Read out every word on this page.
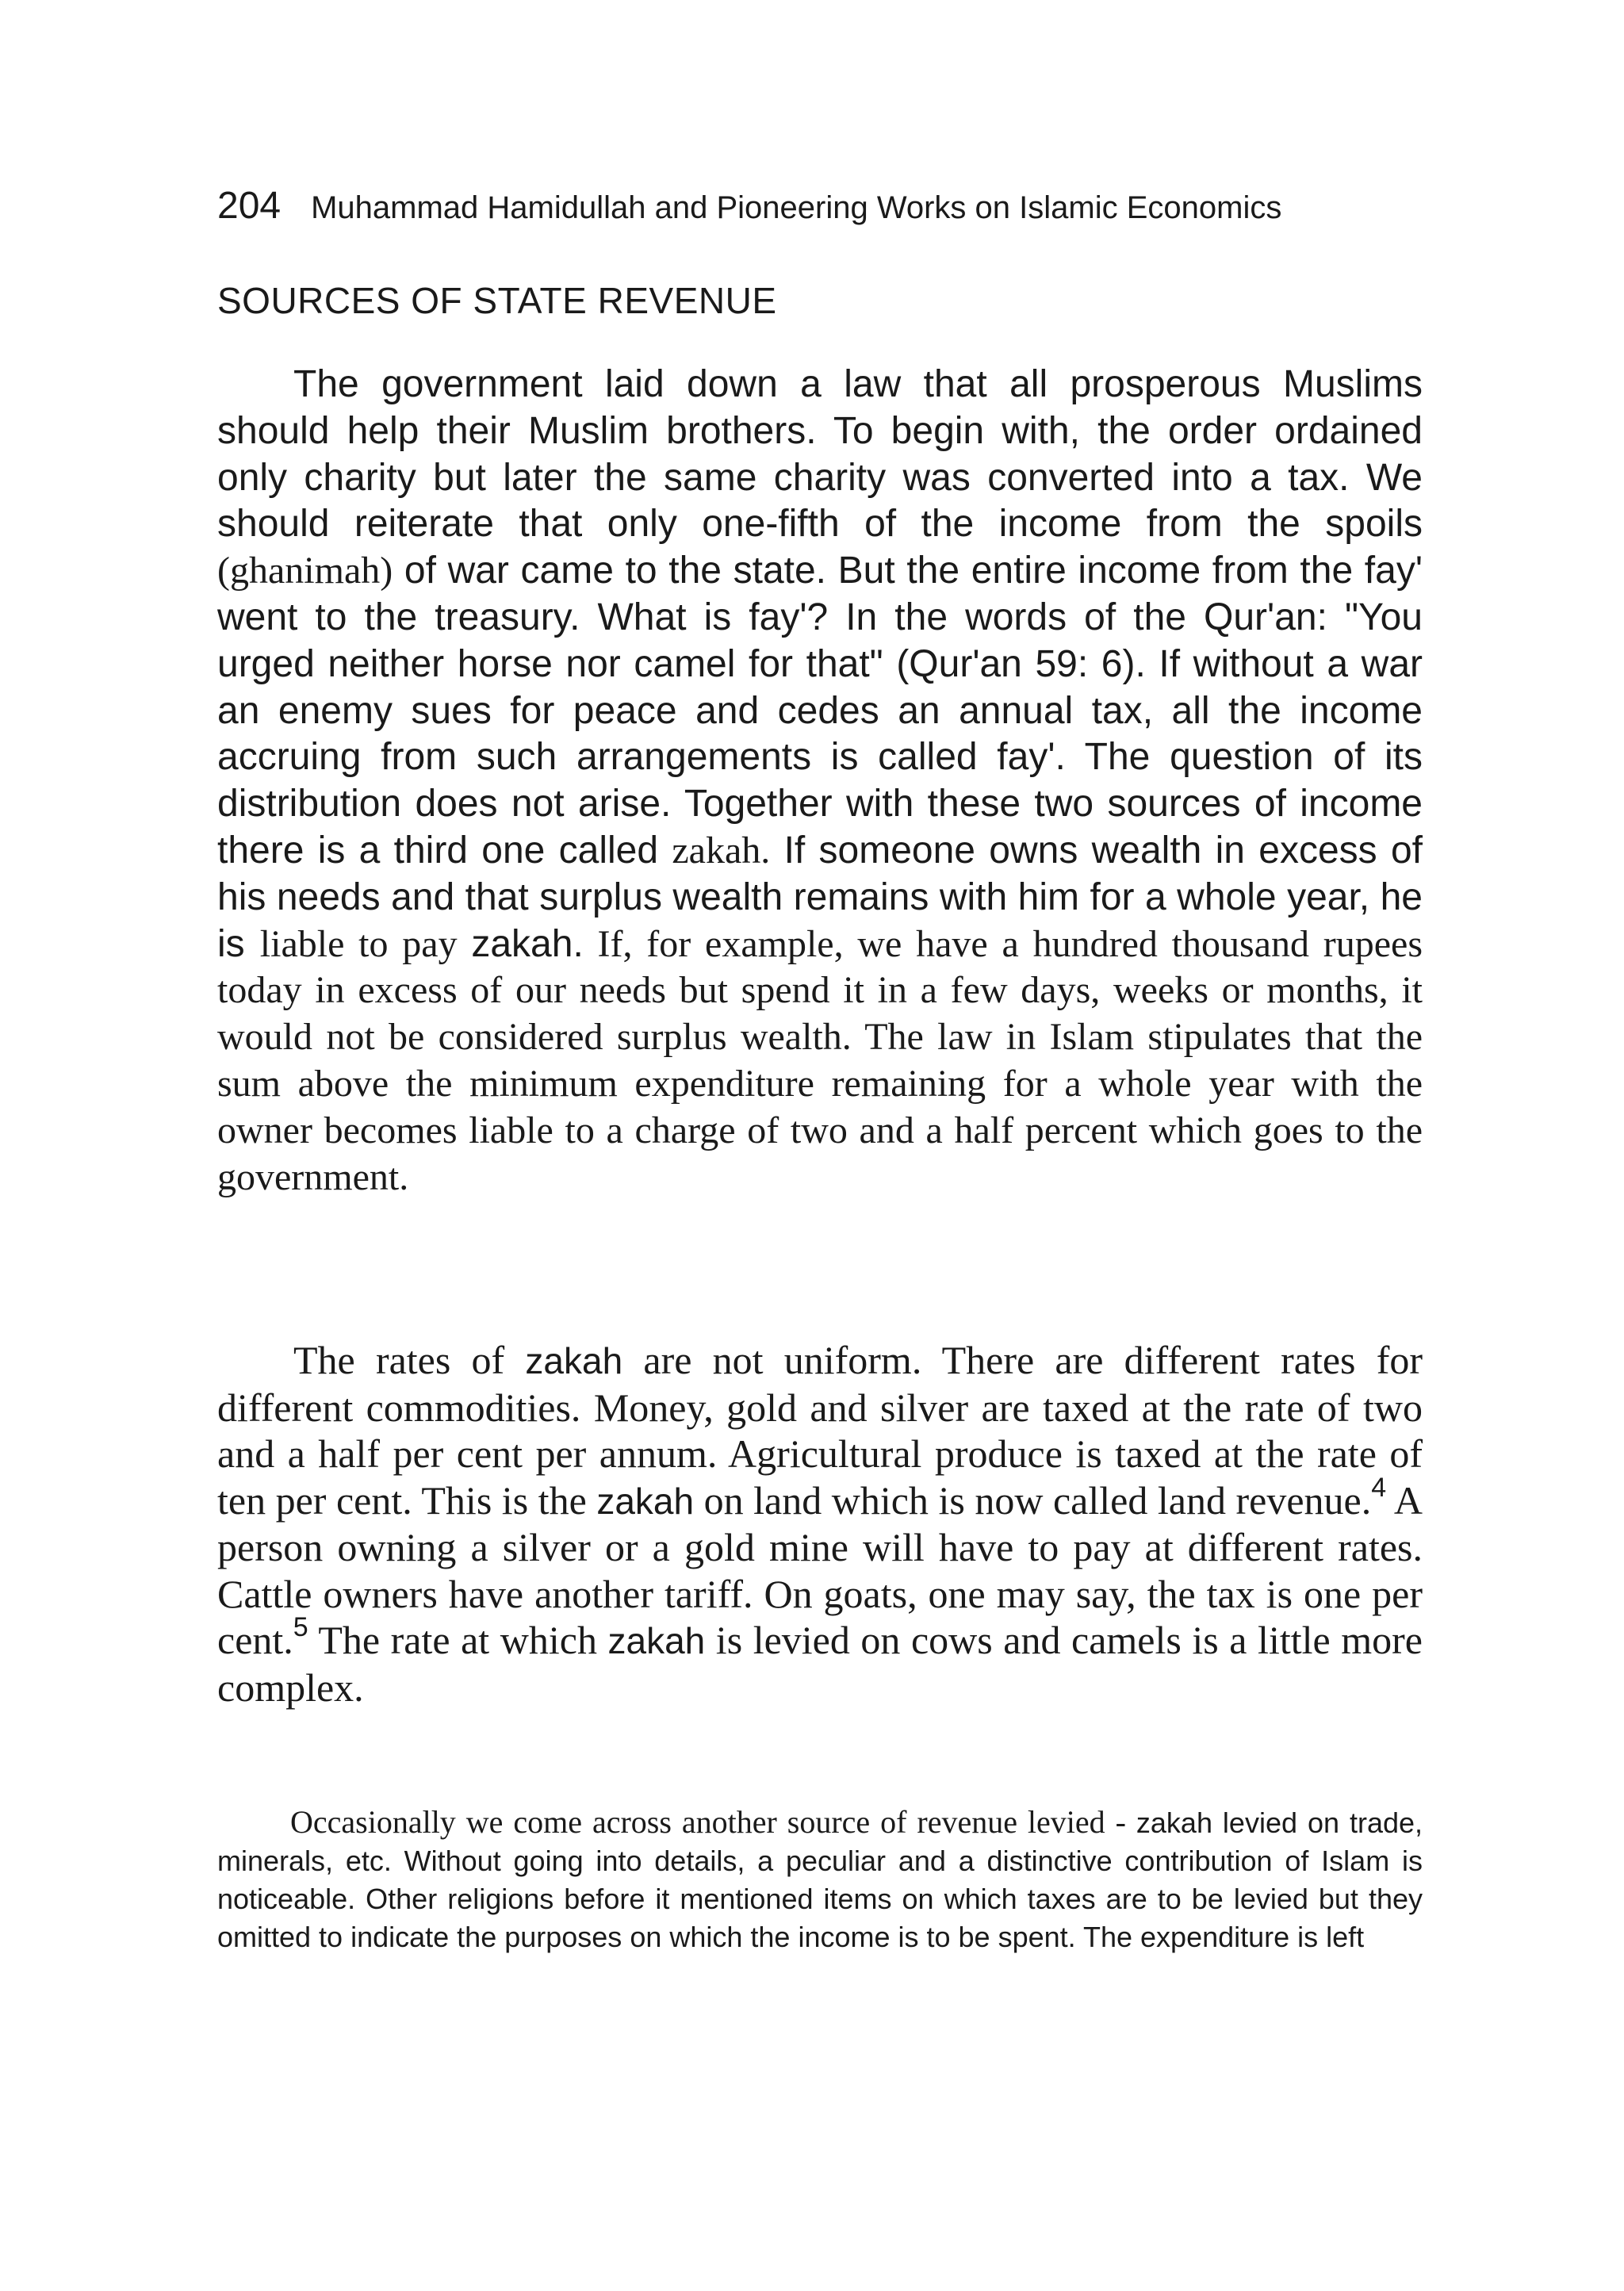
204 Muhammad Hamidullah and Pioneering Works on Islamic Economics
SOURCES OF STATE REVENUE

The government laid down a law that all prosperous Muslims should help their Muslim brothers. To begin with, the order ordained only charity but later the same charity was converted into a tax. We should reiterate that only one-fifth of the income from the spoils (ghanimah) of war came to the state. But the entire income from the fay' went to the treasury. What is fay'? In the words of the Qur'an: "You urged neither horse nor camel for that" (Qur'an 59: 6). If without a war an enemy sues for peace and cedes an annual tax, all the income accruing from such arrangements is called fay'. The question of its distribution does not arise. Together with these two sources of income there is a third one called zakah. If someone owns wealth in excess of his needs and that surplus wealth remains with him for a whole year, he is liable to pay zakah. If, for example, we have a hundred thousand rupees today in excess of our needs but spend it in a few days, weeks or months, it would not be considered surplus wealth. The law in Islam stipulates that the sum above the minimum expenditure remaining for a whole year with the owner becomes liable to a charge of two and a half percent which goes to the government.

The rates of zakah are not uniform. There are different rates for different commodities. Money, gold and silver are taxed at the rate of two and a half per cent per annum. Agricultural produce is taxed at the rate of ten per cent. This is the zakah on land which is now called land revenue.$^4$ A person owning a silver or a gold mine will have to pay at different rates. Cattle owners have another tariff. On goats, one may say, the tax is one per cent.$^5$ The rate at which zakah is levied on cows and camels is a little more complex.

Occasionally we come across another source of revenue levied - zakah levied on trade, minerals, etc. Without going into details, a peculiar and a distinctive contribution of Islam is noticeable. Other religions before it mentioned items on which taxes are to be levied but they omitted to indicate the purposes on which the income is to be spent. The expenditure is left
